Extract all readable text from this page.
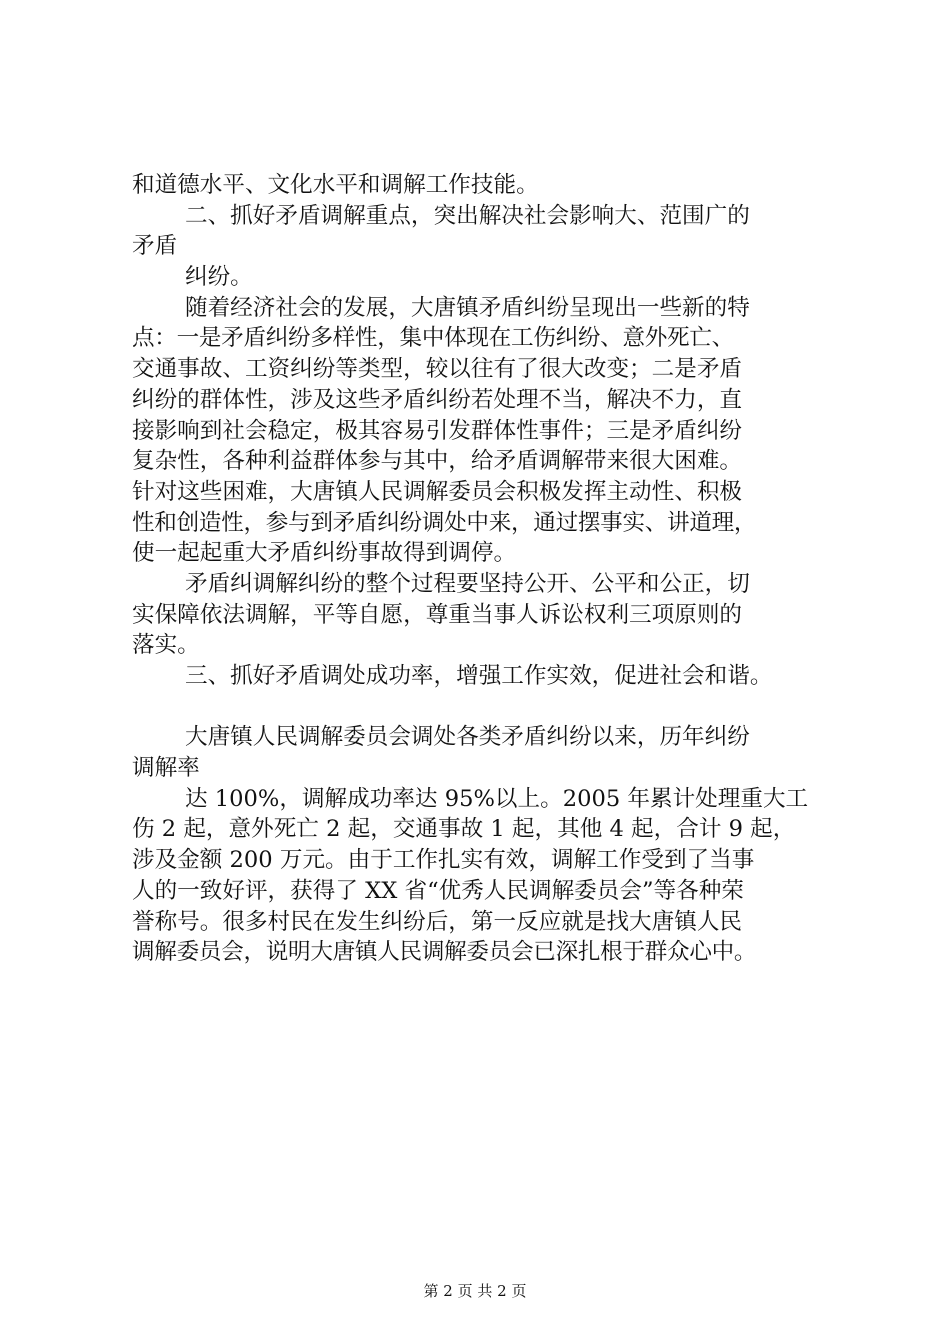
和道德水平、文化水平和调解工作技能。
二、抓好矛盾调解重点，突出解决社会影响大、范围广的
矛盾
纠纷。
随着经济社会的发展，大唐镇矛盾纠纷呈现出一些新的特
点：一是矛盾纠纷多样性，集中体现在工伤纠纷、意外死亡、
交通事故、工资纠纷等类型，较以往有了很大改变；二是矛盾
纠纷的群体性，涉及这些矛盾纠纷若处理不当，解决不力，直
接影响到社会稳定，极其容易引发群体性事件；三是矛盾纠纷
复杂性，各种利益群体参与其中，给矛盾调解带来很大困难。
针对这些困难，大唐镇人民调解委员会积极发挥主动性、积极
性和创造性，参与到矛盾纠纷调处中来，通过摆事实、讲道理，
使一起起重大矛盾纠纷事故得到调停。
矛盾纠调解纠纷的整个过程要坚持公开、公平和公正，切
实保障依法调解，平等自愿，尊重当事人诉讼权利三项原则的
落实。
三、抓好矛盾调处成功率，增强工作实效，促进社会和谐。
大唐镇人民调解委员会调处各类矛盾纠纷以来，历年纠纷
调解率
达 100%，调解成功率达 95%以上。2005 年累计处理重大工
伤 2 起，意外死亡 2 起，交通事故 1 起，其他 4 起，合计 9 起，
涉及金额 200 万元。由于工作扎实有效，调解工作受到了当事
人的一致好评，获得了 XX 省“优秀人民调解委员会”等各种荣
誉称号。很多村民在发生纠纷后，第一反应就是找大唐镇人民
调解委员会，说明大唐镇人民调解委员会已深扎根于群众心中。
第 2 页 共 2 页
